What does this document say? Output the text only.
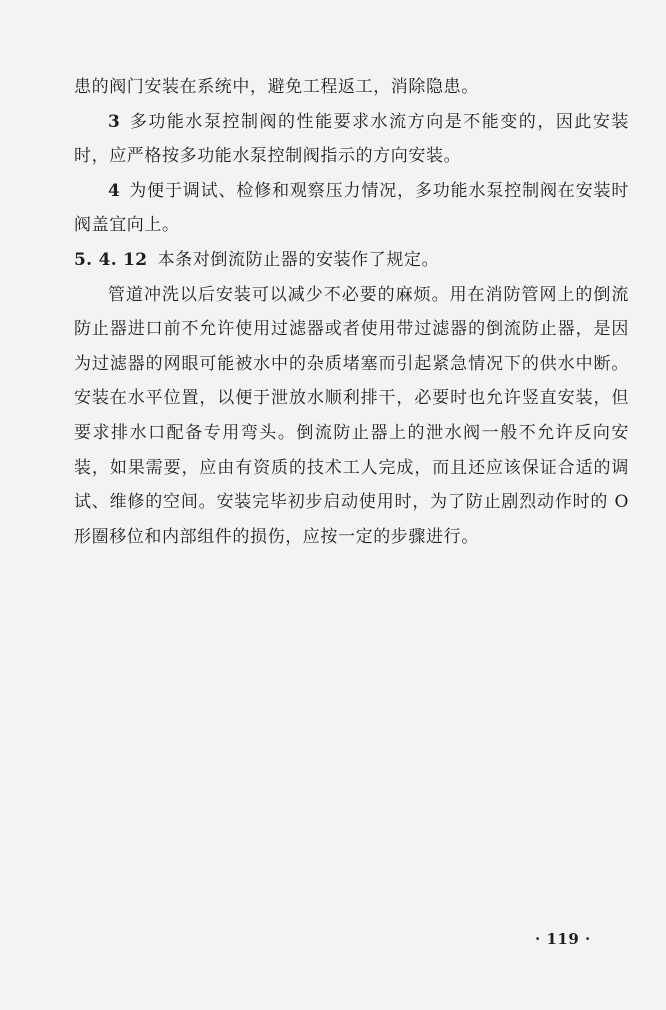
患的阀门安装在系统中，避免工程返工，消除隐患。

3 多功能水泵控制阀的性能要求水流方向是不能变的，因此安装时，应严格按多功能水泵控制阀指示的方向安装。

4 为便于调试、检修和观察压力情况，多功能水泵控制阀在安装时阀盖宜向上。

5. 4. 12 本条对倒流防止器的安装作了规定。

管道冲洗以后安装可以减少不必要的麻烦。用在消防管网上的倒流防止器进口前不允许使用过滤器或者使用带过滤器的倒流防止器，是因为过滤器的网眼可能被水中的杂质堵塞而引起紧急情况下的供水中断。安装在水平位置，以便于泄放水顺利排干，必要时也允许竖直安装，但要求排水口配备专用弯头。倒流防止器上的泄水阀一般不允许反向安装，如果需要，应由有资质的技术工人完成，而且还应该保证合适的调试、维修的空间。安装完毕初步启动使用时，为了防止剧烈动作时的 O 形圈移位和内部组件的损伤，应按一定的步骤进行。

· 119 ·
